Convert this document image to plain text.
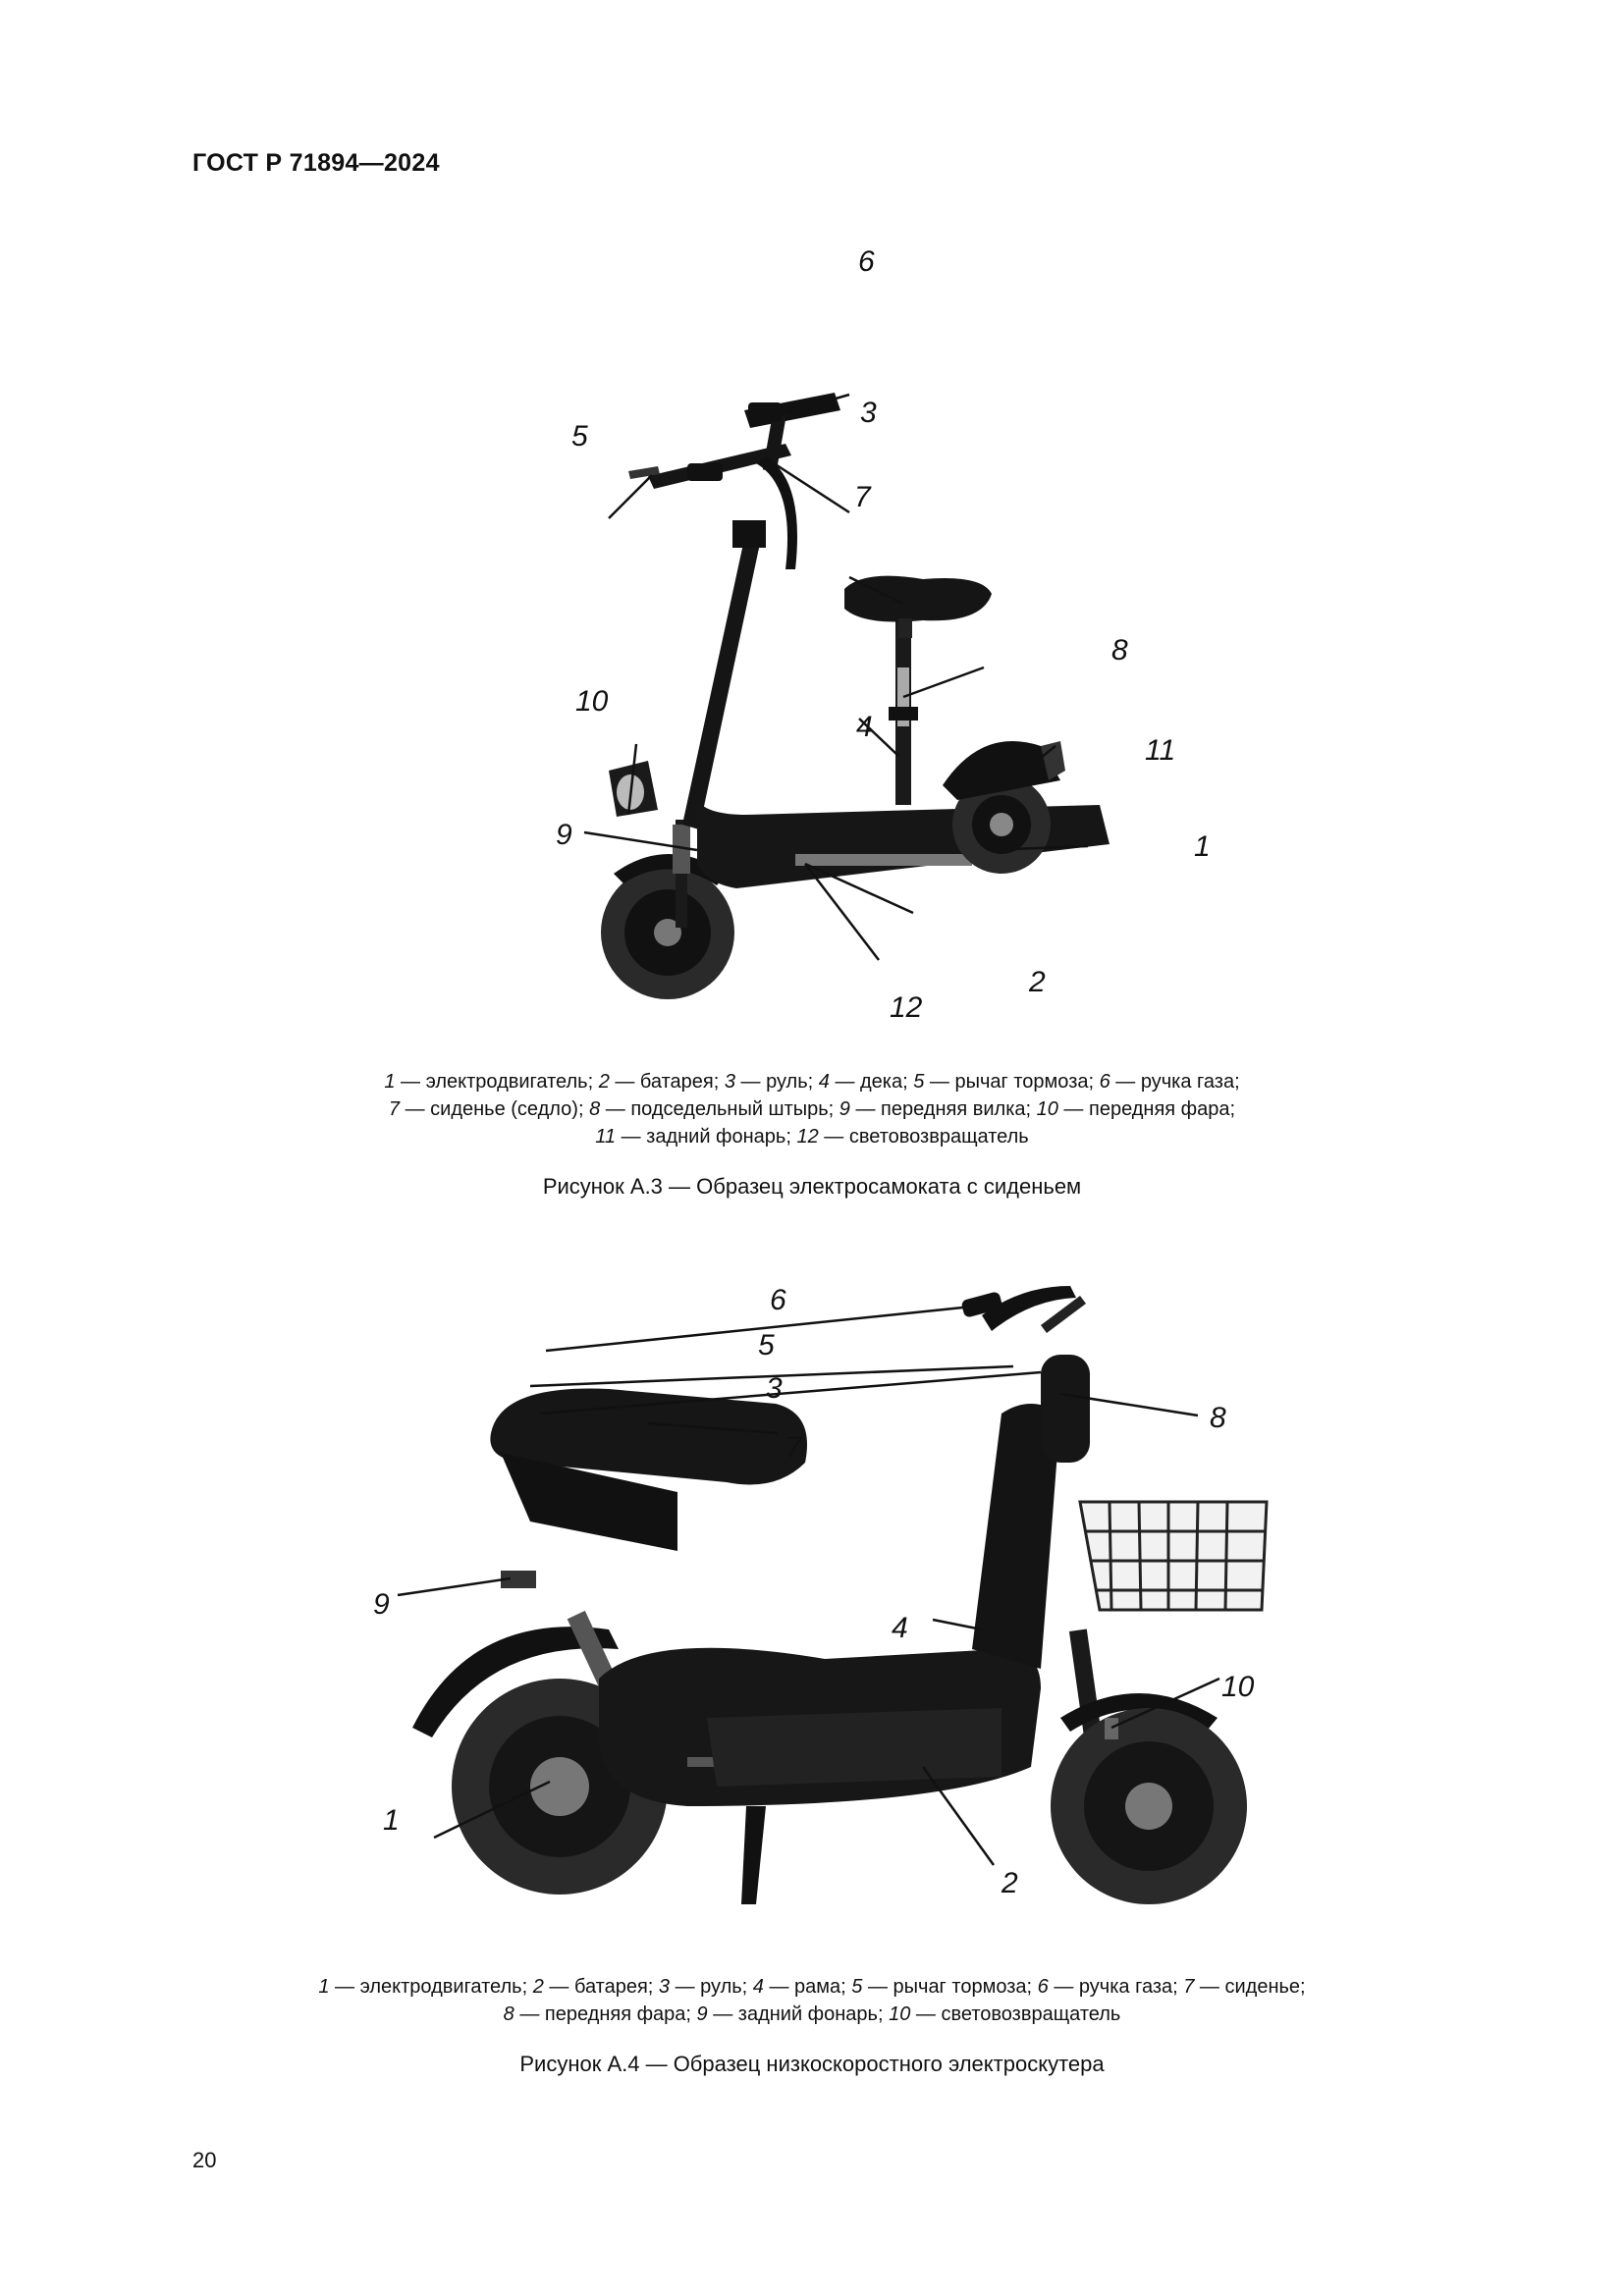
ГОСТ Р 71894—2024
6
3
5
7
8
10
4
11
9	1
2
12
1 — электродвигатель; 2 — батарея; 3 — руль; 4 — дека; 5 — рычаг тормоза; 6 — ручка газа;
7 — сиденье (седло); 8 — подседельный штырь; 9 — передняя вилка; 10 — передняя фара;
11 — задний фонарь; 12 — световозвращатель
Рисунок А.3 — Образец электросамоката с сиденьем
6
5
3
8
7
9
4
10
1
2
1 — электродвигатель; 2 — батарея; 3 — руль; 4 — рама; 5 — рычаг тормоза; 6 — ручка газа; 7 — сиденье;
8 — передняя фара; 9 — задний фонарь; 10 — световозвращатель
Рисунок А.4 — Образец низкоскоростного электроскутера
20
